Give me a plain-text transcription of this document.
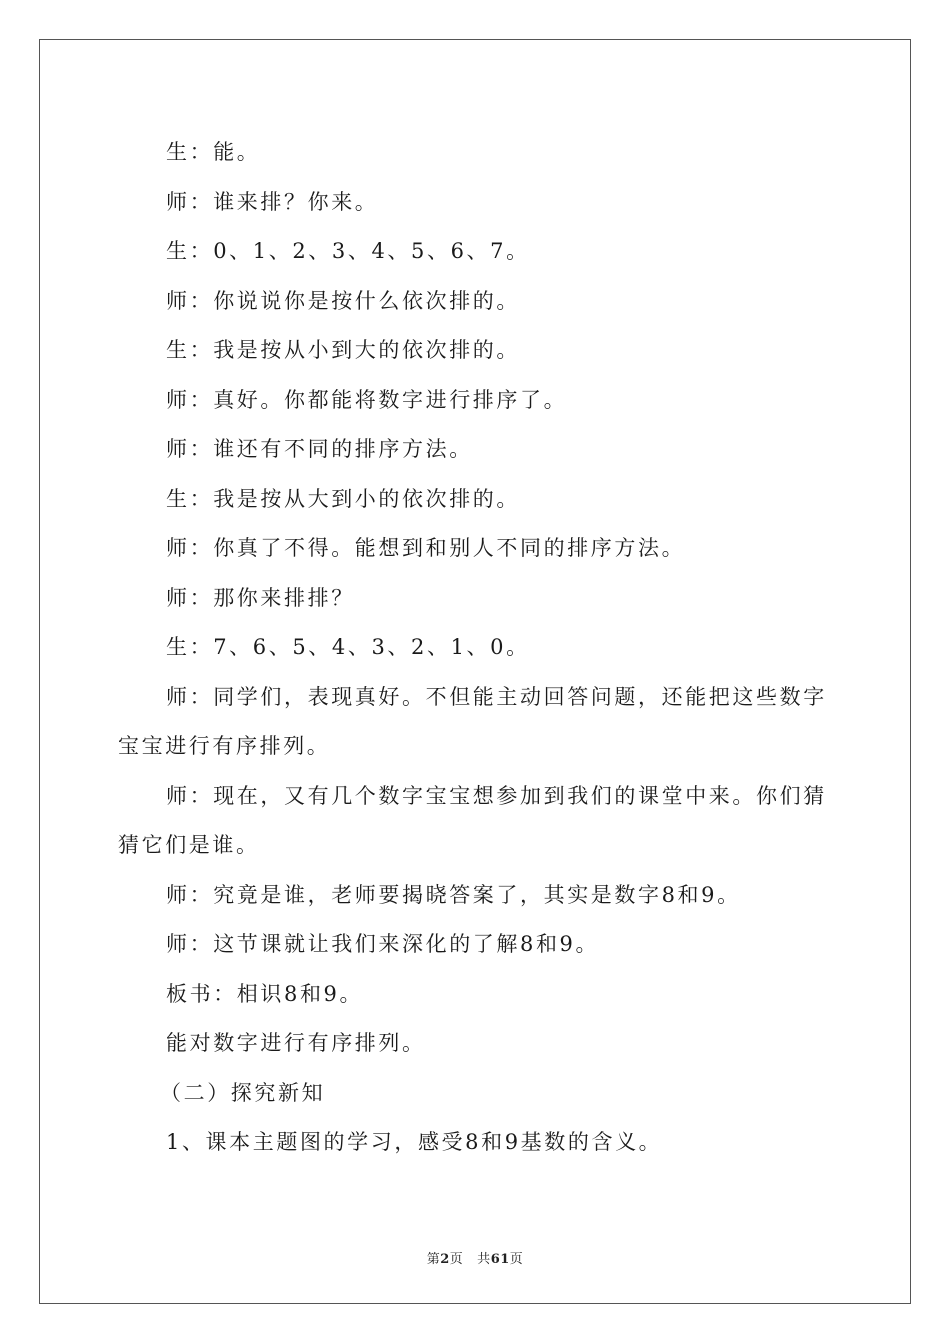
生：能。

师：谁来排？你来。

生：0、1、2、3、4、5、6、7。

师：你说说你是按什么依次排的。

生：我是按从小到大的依次排的。

师：真好。你都能将数字进行排序了。

师：谁还有不同的排序方法。

生：我是按从大到小的依次排的。

师：你真了不得。能想到和别人不同的排序方法。

师：那你来排排？

生：7、6、5、4、3、2、1、0。

师：同学们，表现真好。不但能主动回答问题，还能把这些数字宝宝进行有序排列。

师：现在，又有几个数字宝宝想参加到我们的课堂中来。你们猜猜它们是谁。

师：究竟是谁，老师要揭晓答案了，其实是数字8和9。

师：这节课就让我们来深化的了解8和9。

板书：相识8和9。

能对数字进行有序排列。

（二）探究新知

1、课本主题图的学习，感受8和9基数的含义。

第2页 共61页
